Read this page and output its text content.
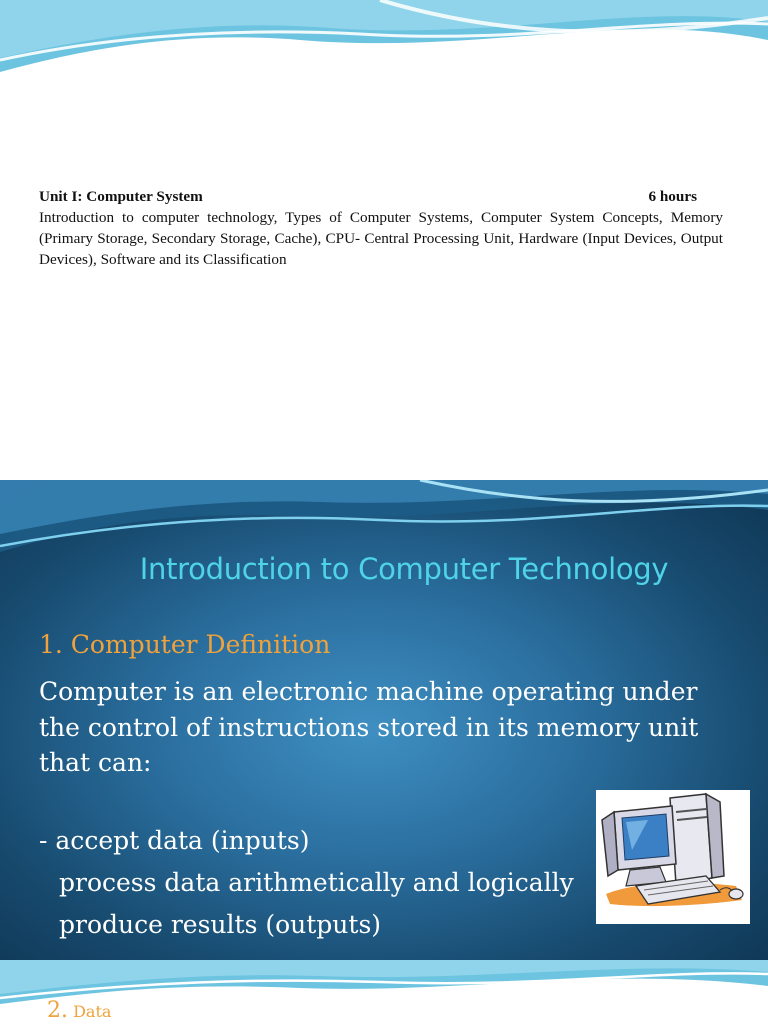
Unit I: Computer System	6 hours
Introduction to computer technology, Types of Computer Systems, Computer System Concepts, Memory (Primary Storage, Secondary Storage, Cache), CPU- Central Processing Unit, Hardware (Input Devices, Output Devices), Software and its Classification
Introduction to Computer Technology
1. Computer Definition
Computer is an electronic machine operating under the control of instructions stored in its memory unit that can:
-
accept data (inputs)
process data arithmetically and logically
produce results (outputs)
2. Data
